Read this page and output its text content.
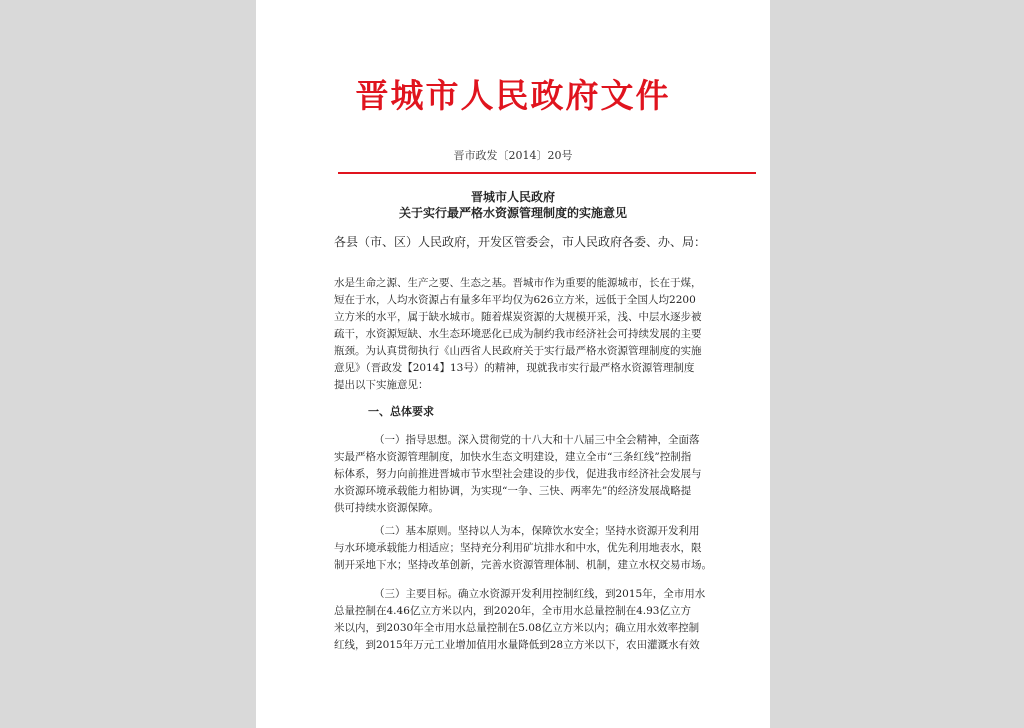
晋城市人民政府文件
晋市政发〔2014〕20号
晋城市人民政府
关于实行最严格水资源管理制度的实施意见
各县（市、区）人民政府，开发区管委会，市人民政府各委、办、局：
水是生命之源、生产之要、生态之基。晋城市作为重要的能源城市，长在于煤，
短在于水，人均水资源占有量多年平均仅为626立方米，远低于全国人均2200
立方米的水平，属于缺水城市。随着煤炭资源的大规模开采，浅、中层水逐步被
疏干，水资源短缺、水生态环境恶化已成为制约我市经济社会可持续发展的主要
瓶颈。为认真贯彻执行《山西省人民政府关于实行最严格水资源管理制度的实施
意见》（晋政发【2014】13号）的精神，现就我市实行最严格水资源管理制度
提出以下实施意见：
一、总体要求
（一）指导思想。深入贯彻党的十八大和十八届三中全会精神，全面落
实最严格水资源管理制度，加快水生态文明建设，建立全市“三条红线”控制指
标体系，努力向前推进晋城市节水型社会建设的步伐，促进我市经济社会发展与
水资源环境承载能力相协调，为实现“一争、三快、两率先”的经济发展战略提
供可持续水资源保障。
（二）基本原则。坚持以人为本，保障饮水安全；坚持水资源开发利用
与水环境承载能力相适应；坚持充分利用矿坑排水和中水，优先利用地表水，限
制开采地下水；坚持改革创新，完善水资源管理体制、机制，建立水权交易市场。
（三）主要目标。确立水资源开发利用控制红线，到2015年，全市用水
总量控制在4.46亿立方米以内，到2020年，全市用水总量控制在4.93亿立方
米以内，到2030年全市用水总量控制在5.08亿立方米以内；确立用水效率控制
红线，到2015年万元工业增加值用水量降低到28立方米以下，农田灌溉水有效
